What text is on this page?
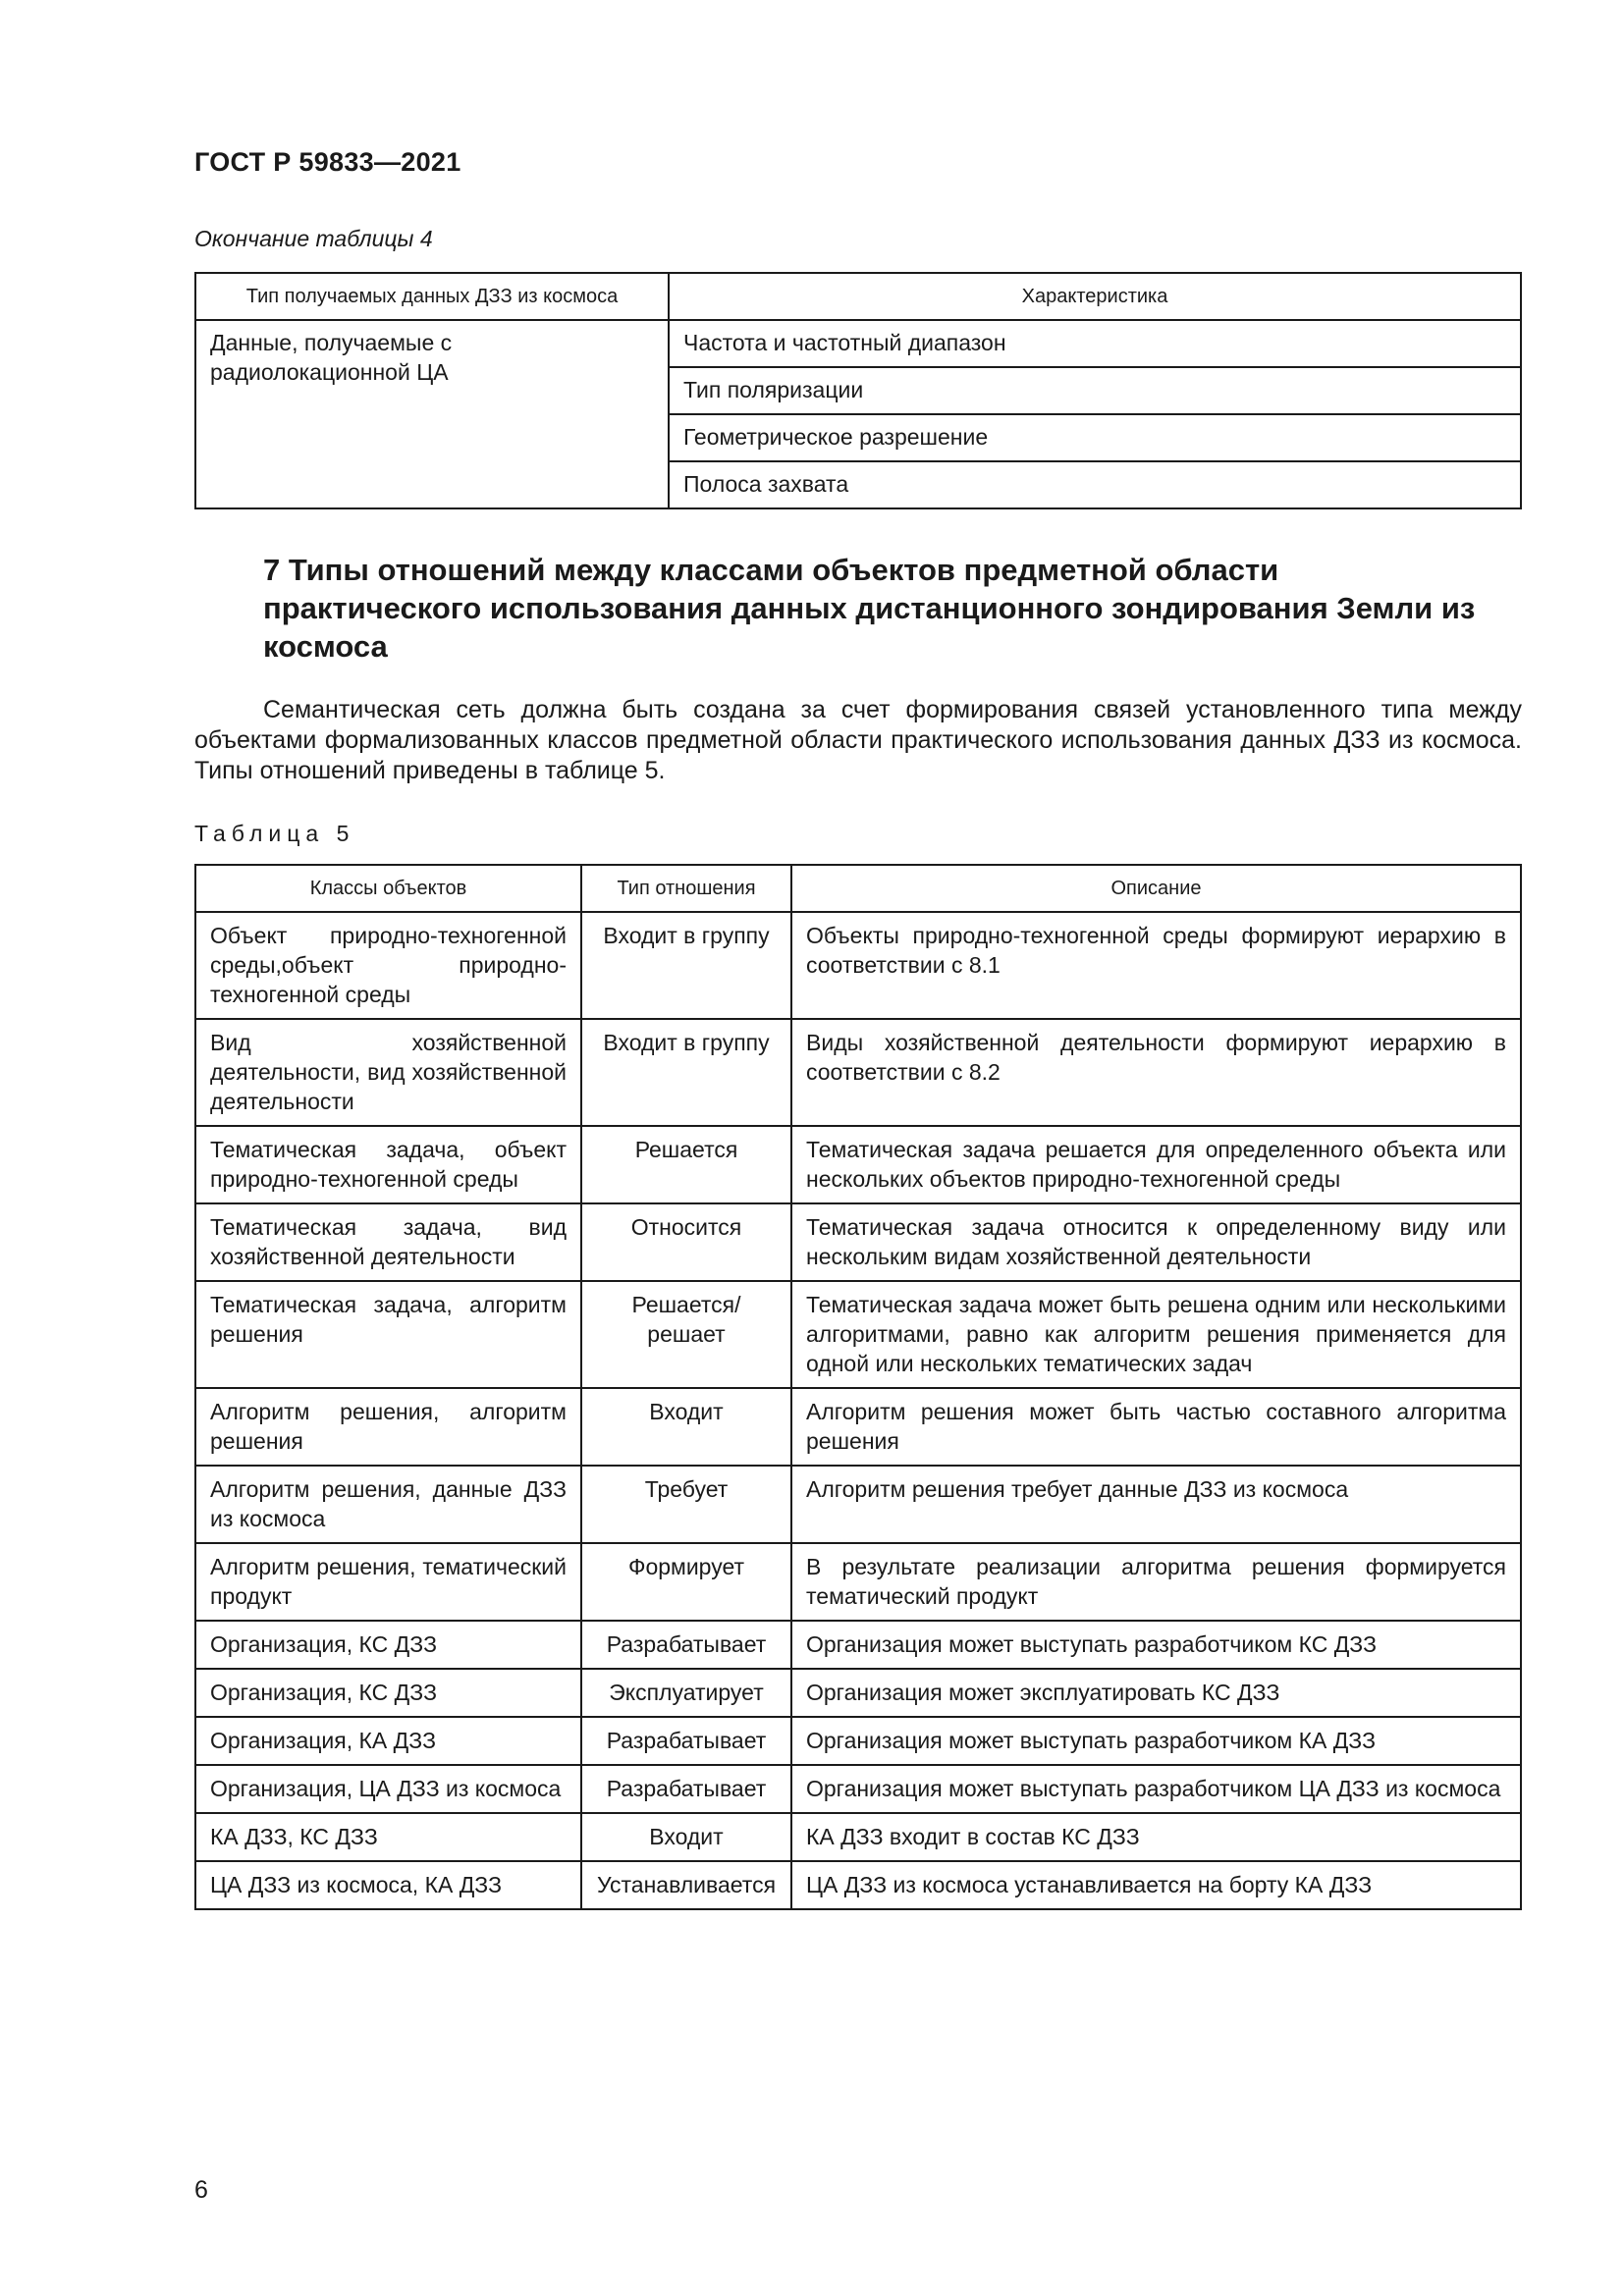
ГОСТ Р 59833—2021
Окончание таблицы 4
Тип получаемых данных ДЗЗ из космоса	Характеристика
Данные, получаемые с радиолокационной ЦА	Частота и частотный диапазон
	Тип поляризации
	Геометрическое разрешение
	Полоса захвата
7 Типы отношений между классами объектов предметной области практического использования данных дистанционного зондирования Земли из космоса
Семантическая сеть должна быть создана за счет формирования связей установленного типа между объектами формализованных классов предметной области практического использования данных ДЗЗ из космоса. Типы отношений приведены в таблице 5.
Таблица 5
Классы объектов	Тип отношения	Описание
Объект природно-техногенной среды,объект природно-техногенной среды	Входит в группу	Объекты природно-техногенной среды формируют иерархию в соответствии с 8.1
Вид хозяйственной деятельности, вид хозяйственной деятельности	Входит в группу	Виды хозяйственной деятельности формируют иерархию в соответствии с 8.2
Тематическая задача, объект природно-техногенной среды	Решается	Тематическая задача решается для определенного объекта или нескольких объектов природно-техногенной среды
Тематическая задача, вид хозяйственной деятельности	Относится	Тематическая задача относится к определенному виду или нескольким видам хозяйственной деятельности
Тематическая задача, алгоритм решения	Решается/решает	Тематическая задача может быть решена одним или несколькими алгоритмами, равно как алгоритм решения применяется для одной или нескольких тематических задач
Алгоритм решения, алгоритм решения	Входит	Алгоритм решения может быть частью составного алгоритма решения
Алгоритм решения, данные ДЗЗ из космоса	Требует	Алгоритм решения требует данные ДЗЗ из космоса
Алгоритм решения, тематический продукт	Формирует	В результате реализации алгоритма решения формируется тематический продукт
Организация, КС ДЗЗ	Разрабатывает	Организация может выступать разработчиком КС ДЗЗ
Организация, КС ДЗЗ	Эксплуатирует	Организация может эксплуатировать КС ДЗЗ
Организация, КА ДЗЗ	Разрабатывает	Организация может выступать разработчиком КА ДЗЗ
Организация, ЦА ДЗЗ из космоса	Разрабатывает	Организация может выступать разработчиком ЦА ДЗЗ из космоса
КА ДЗЗ, КС ДЗЗ	Входит	КА ДЗЗ входит в состав КС ДЗЗ
ЦА ДЗЗ из космоса, КА ДЗЗ	Устанавливается	ЦА ДЗЗ из космоса устанавливается на борту КА ДЗЗ
6
